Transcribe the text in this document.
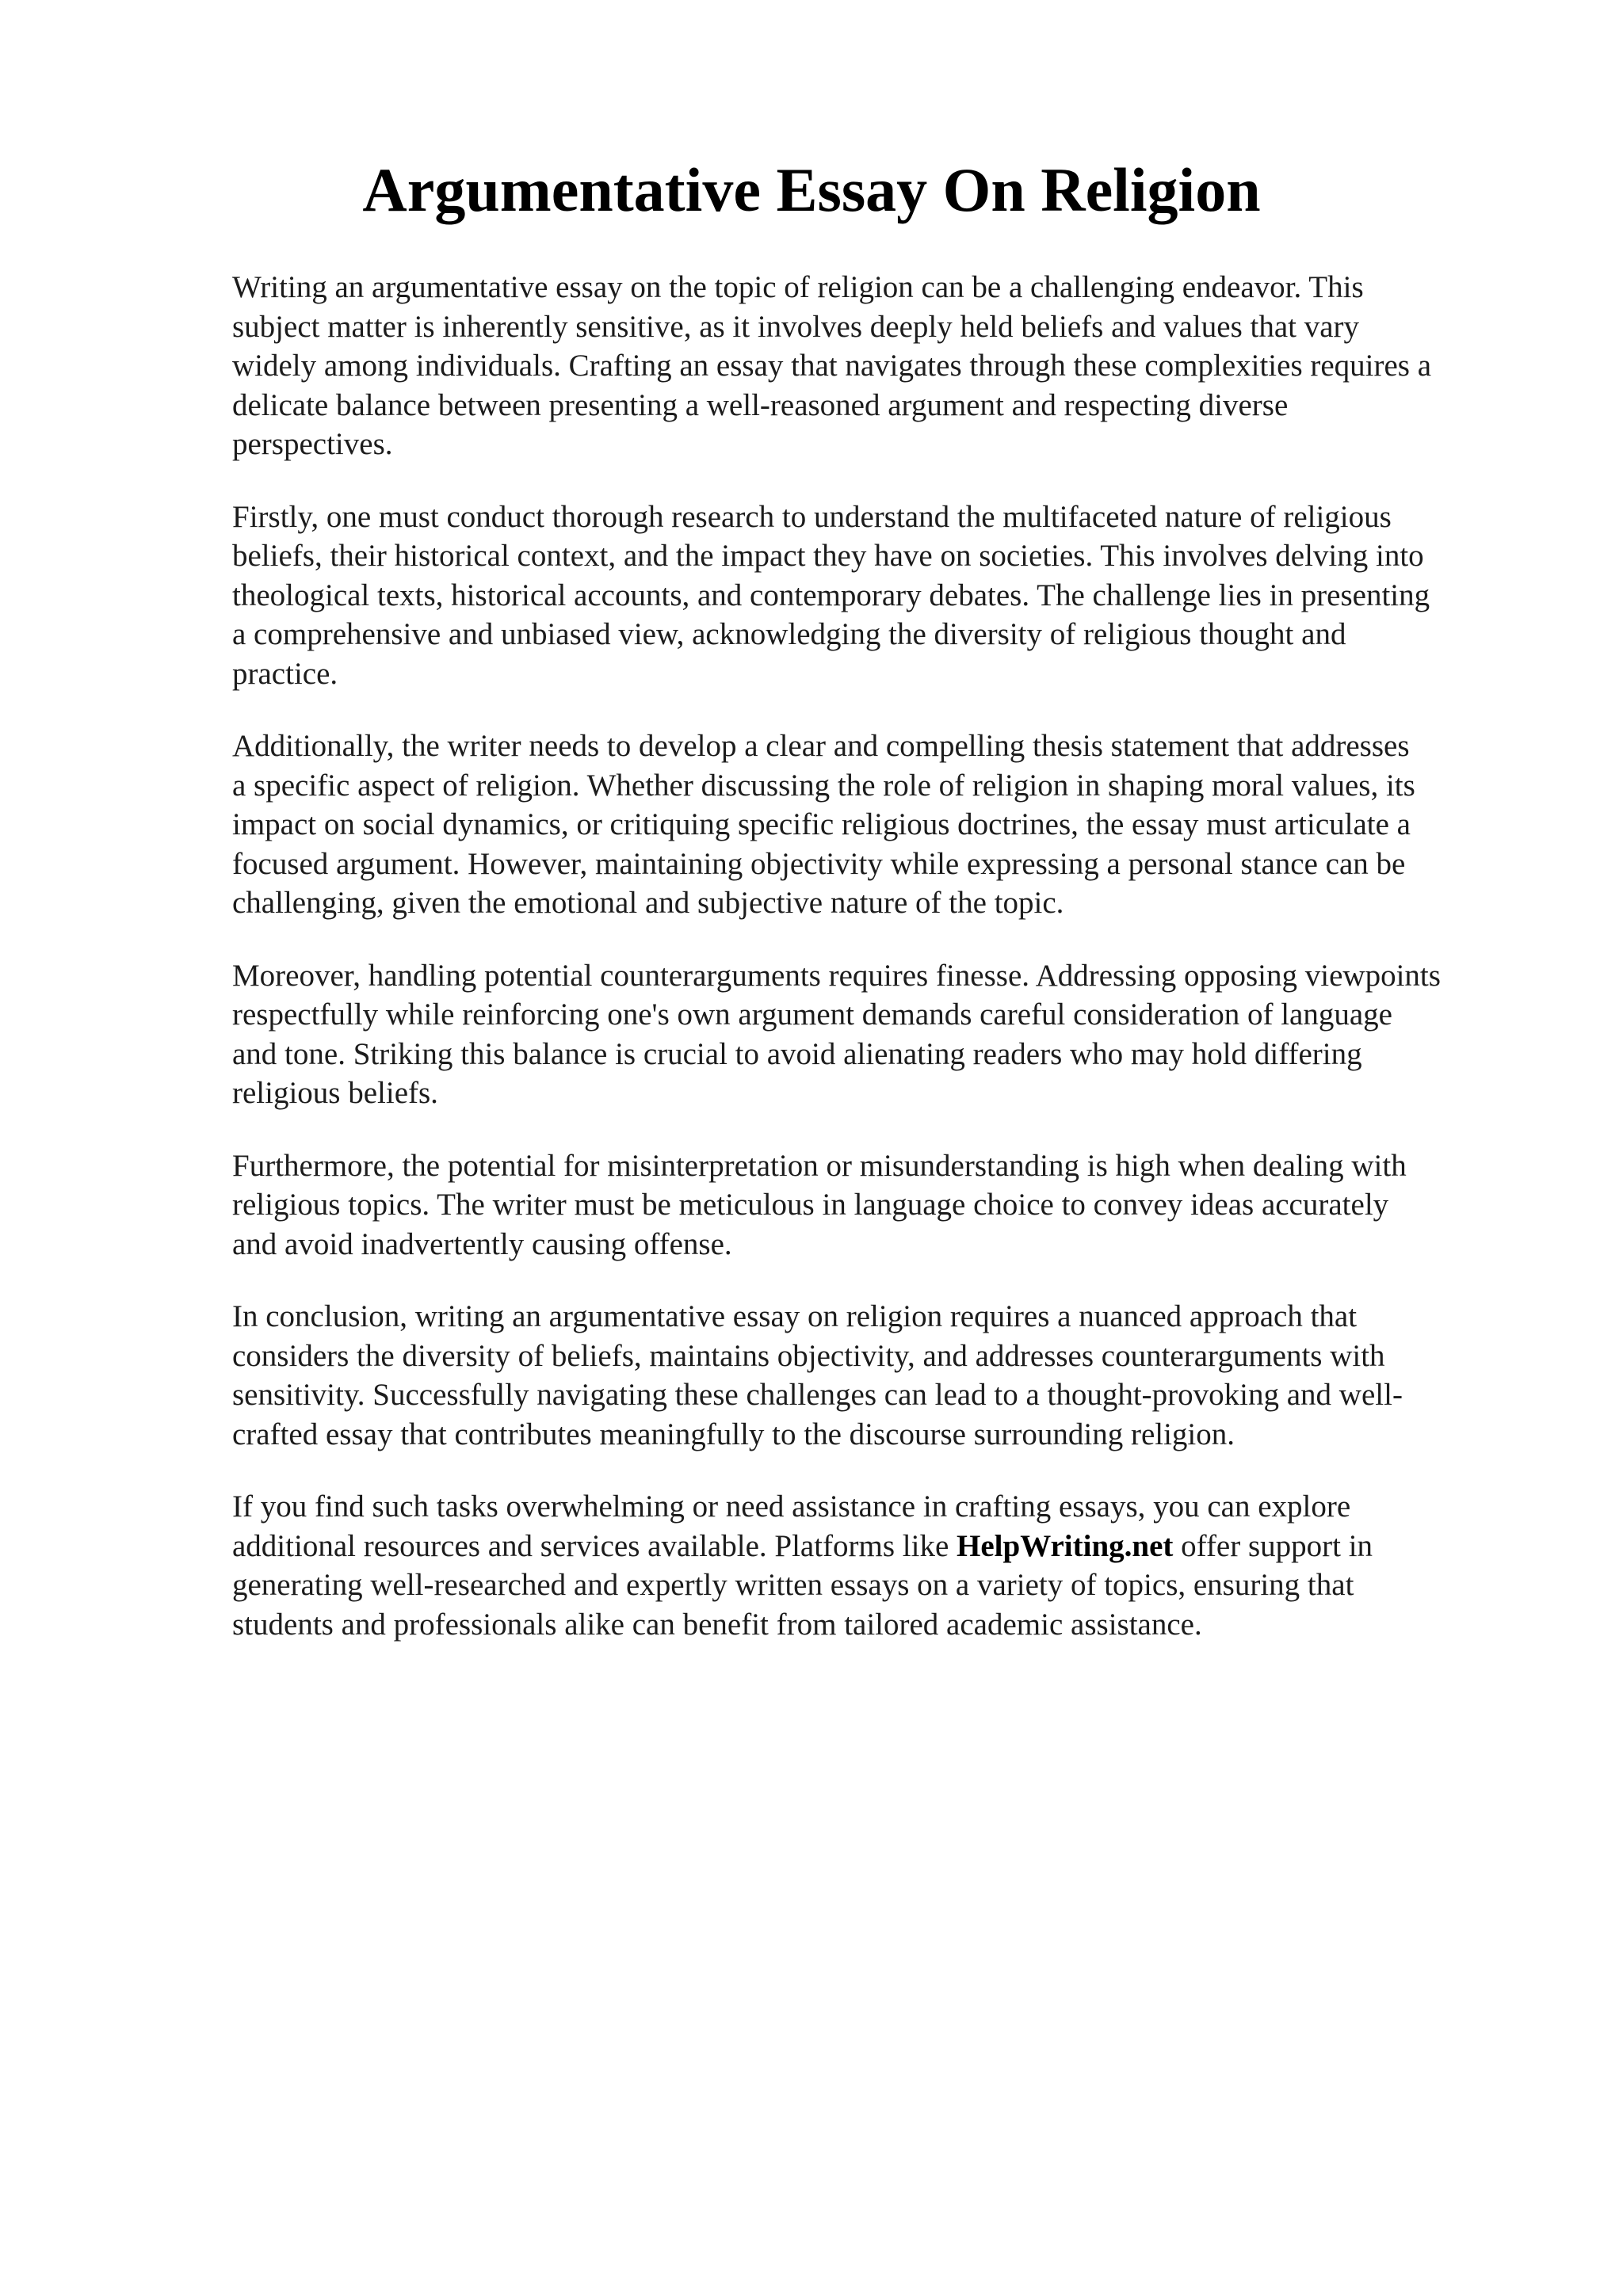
Argumentative Essay On Religion

Writing an argumentative essay on the topic of religion can be a challenging endeavor. This
subject matter is inherently sensitive, as it involves deeply held beliefs and values that vary
widely among individuals. Crafting an essay that navigates through these complexities requires a
delicate balance between presenting a well-reasoned argument and respecting diverse
perspectives.

Firstly, one must conduct thorough research to understand the multifaceted nature of religious
beliefs, their historical context, and the impact they have on societies. This involves delving into
theological texts, historical accounts, and contemporary debates. The challenge lies in presenting
a comprehensive and unbiased view, acknowledging the diversity of religious thought and
practice.

Additionally, the writer needs to develop a clear and compelling thesis statement that addresses
a specific aspect of religion. Whether discussing the role of religion in shaping moral values, its
impact on social dynamics, or critiquing specific religious doctrines, the essay must articulate a
focused argument. However, maintaining objectivity while expressing a personal stance can be
challenging, given the emotional and subjective nature of the topic.

Moreover, handling potential counterarguments requires finesse. Addressing opposing viewpoints
respectfully while reinforcing one's own argument demands careful consideration of language
and tone. Striking this balance is crucial to avoid alienating readers who may hold differing
religious beliefs.

Furthermore, the potential for misinterpretation or misunderstanding is high when dealing with
religious topics. The writer must be meticulous in language choice to convey ideas accurately
and avoid inadvertently causing offense.

In conclusion, writing an argumentative essay on religion requires a nuanced approach that
considers the diversity of beliefs, maintains objectivity, and addresses counterarguments with
sensitivity. Successfully navigating these challenges can lead to a thought-provoking and well-
crafted essay that contributes meaningfully to the discourse surrounding religion.

If you find such tasks overwhelming or need assistance in crafting essays, you can explore
additional resources and services available. Platforms like HelpWriting.net offer support in
generating well-researched and expertly written essays on a variety of topics, ensuring that
students and professionals alike can benefit from tailored academic assistance.
